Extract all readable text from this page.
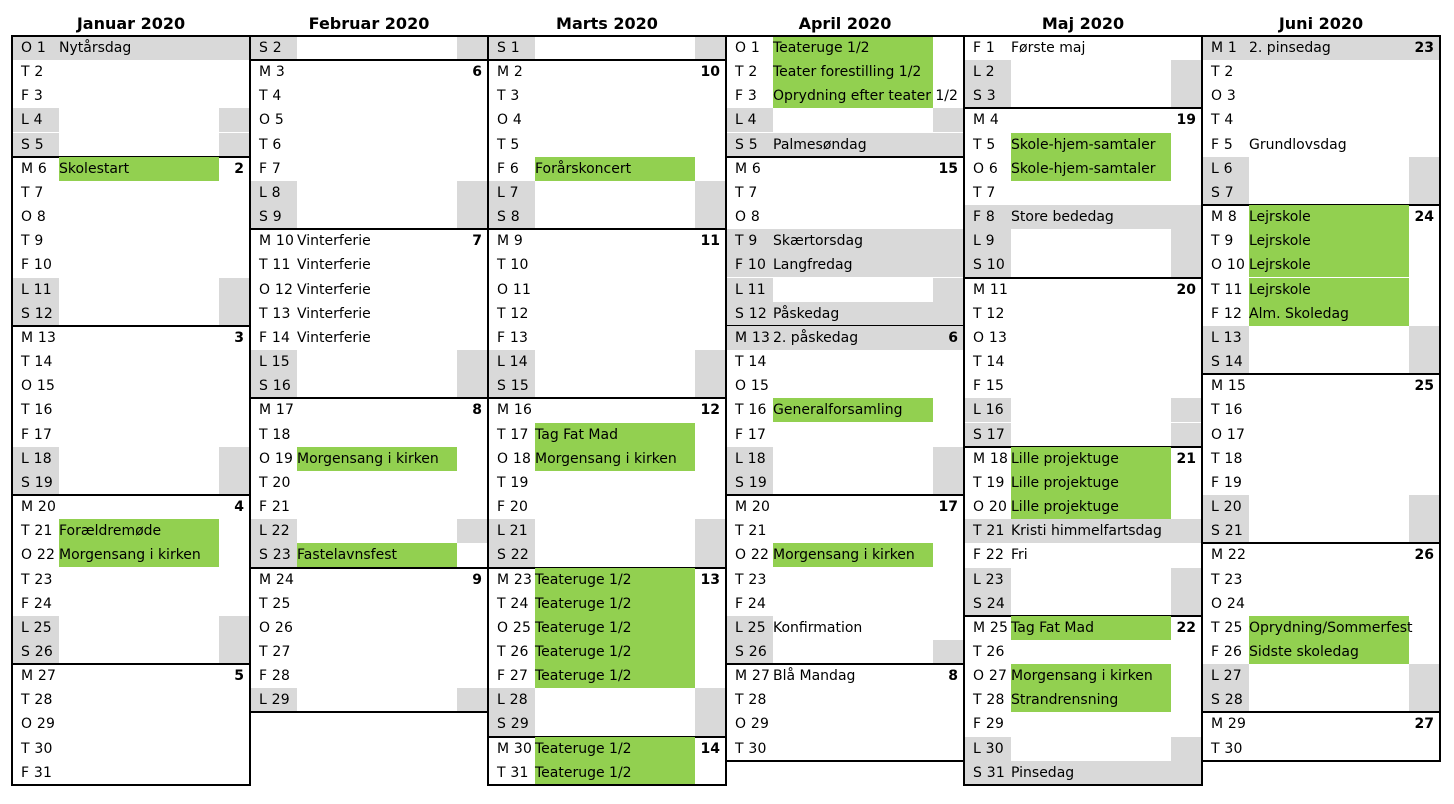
Januar 2020
O 1 Nytårsdag
T 2
F 3
L 4
S 5
M 6 Skolestart	2
T 7
O 8
T 9
F 10
L 11
S 12
M 13	3
T 14
O 15
T 16
F 17
L 18
S 19
M 20	4
T 21 Forældremøde
O 22 Morgensang i kirken
T 23
F 24
L 25
S 26
M 27	5
T 28
O 29
T 30
F 31
Februar 2020
S 2
M 3	6
T 4
O 5
T 6
F 7
L 8
S 9
M 10 Vinterferie	7
T 11 Vinterferie
O 12 Vinterferie
T 13 Vinterferie
F 14 Vinterferie
L 15
S 16
M 17	8
T 18
O 19 Morgensang i kirken
T 20
F 21
L 22
S 23 Fastelavnsfest
M 24	9
T 25
O 26
T 27
F 28
L 29
Marts 2020
S 1
M 2	10
T 3
O 4
T 5
F 6 Forårskoncert
L 7
S 8
M 9	11
T 10
O 11
T 12
F 13
L 14
S 15
M 16	12
T 17 Tag Fat Mad
O 18 Morgensang i kirken
T 19
F 20
L 21
S 22
M 23 Teateruge 1/2	13
T 24 Teateruge 1/2
O 25 Teateruge 1/2
T 26 Teateruge 1/2
F 27 Teateruge 1/2
L 28
S 29
M 30 Teateruge 1/2	14
T 31 Teateruge 1/2
April 2020
O 1 Teateruge 1/2
T 2 Teater forestilling 1/2
F 3 Oprydning efter teater 1/2
L 4
S 5 Palmesøndag
M 6	15
T 7
O 8
T 9 Skærtorsdag
F 10 Langfredag
L 11
S 12 Påskedag
M 13 2. påskedag	6
T 14
O 15
T 16 Generalforsamling
F 17
L 18
S 19
M 20	17
T 21
O 22 Morgensang i kirken
T 23
F 24
L 25 Konfirmation
S 26
M 27 Blå Mandag	8
T 28
O 29
T 30
Maj 2020
F 1 Første maj
L 2
S 3
M 4	19
T 5 Skole-hjem-samtaler
O 6 Skole-hjem-samtaler
T 7
F 8 Store bededag
L 9
S 10
M 11	20
T 12
O 13
T 14
F 15
L 16
S 17
M 18 Lille projektuge	21
T 19 Lille projektuge
O 20 Lille projektuge
T 21 Kristi himmelfartsdag
F 22 Fri
L 23
S 24
M 25 Tag Fat Mad	22
T 26
O 27 Morgensang i kirken
T 28 Strandrensning
F 29
L 30
S 31 Pinsedag
Juni 2020
M 1 2. pinsedag	23
T 2
O 3
T 4
F 5 Grundlovsdag
L 6
S 7
M 8 Lejrskole	24
T 9 Lejrskole
O 10 Lejrskole
T 11 Lejrskole
F 12 Alm. Skoledag
L 13
S 14
M 15	25
T 16
O 17
T 18
F 19
L 20
S 21
M 22	26
T 23
O 24
T 25 Oprydning/Sommerfest
F 26 Sidste skoledag
L 27
S 28
M 29	27
T 30
